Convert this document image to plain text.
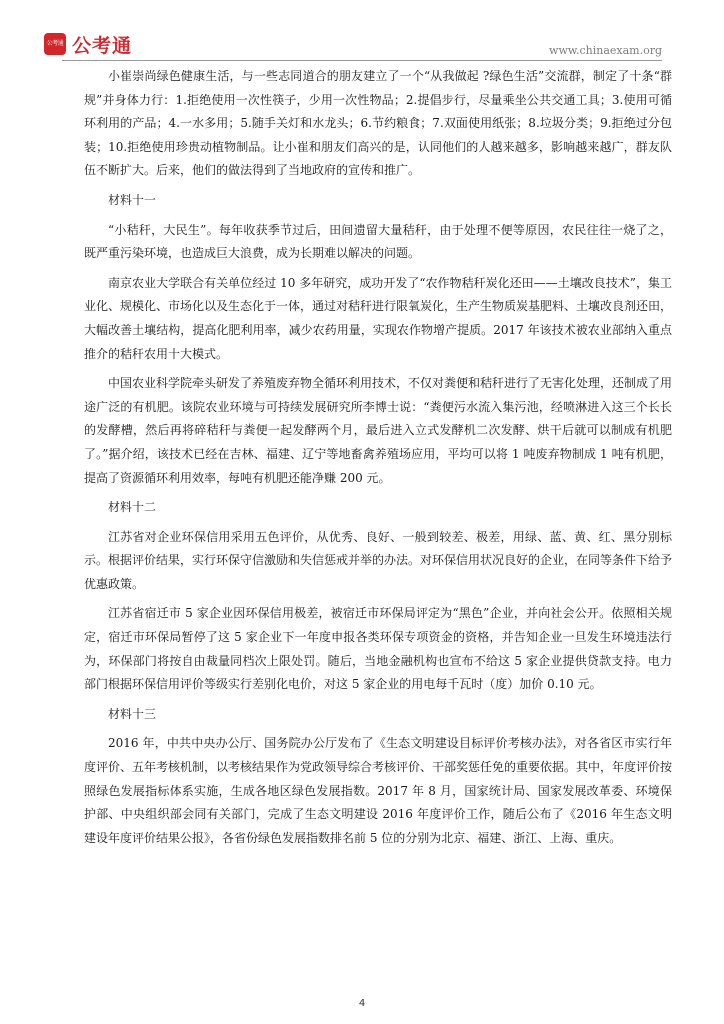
公考通 公考通	www.chinaexam.org

小崔崇尚绿色健康生活，与一些志同道合的朋友建立了一个“从我做起 ?绿色生活”交流群，制定了十条“群规”并身体力行：1.拒绝使用一次性筷子，少用一次性物品；2.提倡步行，尽量乘坐公共交通工具；3.使用可循环利用的产品；4.一水多用；5.随手关灯和水龙头；6.节约粮食；7.双面使用纸张；8.垃圾分类；9.拒绝过分包装；10.拒绝使用珍贵动植物制品。让小崔和朋友们高兴的是，认同他们的人越来越多，影响越来越广，群友队伍不断扩大。后来，他们的做法得到了当地政府的宣传和推广。

材料十一

“小秸秆，大民生”。每年收获季节过后，田间遗留大量秸秆，由于处理不便等原因，农民往往一烧了之，既严重污染环境，也造成巨大浪费，成为长期难以解决的问题。

南京农业大学联合有关单位经过 10 多年研究，成功开发了“农作物秸秆炭化还田——土壤改良技术”，集工业化、规模化、市场化以及生态化于一体，通过对秸秆进行限氧炭化，生产生物质炭基肥料、土壤改良剂还田，大幅改善土壤结构，提高化肥利用率，减少农药用量，实现农作物增产提质。2017 年该技术被农业部纳入重点推介的秸秆农用十大模式。

中国农业科学院牵头研发了养殖废弃物全循环利用技术，不仅对粪便和秸秆进行了无害化处理，还制成了用途广泛的有机肥。该院农业环境与可持续发展研究所李博士说：“粪便污水流入集污池，经喷淋进入这三个长长的发酵槽，然后再将碎秸秆与粪便一起发酵两个月，最后进入立式发酵机二次发酵、烘干后就可以制成有机肥了。”据介绍，该技术已经在吉林、福建、辽宁等地畜禽养殖场应用，平均可以将 1 吨废弃物制成 1 吨有机肥，提高了资源循环利用效率，每吨有机肥还能净赚 200 元。

材料十二

江苏省对企业环保信用采用五色评价，从优秀、良好、一般到较差、极差，用绿、蓝、黄、红、黑分别标示。根据评价结果，实行环保守信激励和失信惩戒并举的办法。对环保信用状况良好的企业，在同等条件下给予优惠政策。

江苏省宿迁市 5 家企业因环保信用极差，被宿迁市环保局评定为“黑色”企业，并向社会公开。依照相关规定，宿迁市环保局暂停了这 5 家企业下一年度申报各类环保专项资金的资格，并告知企业一旦发生环境违法行为，环保部门将按自由裁量同档次上限处罚。随后，当地金融机构也宣布不给这 5 家企业提供贷款支持。电力部门根据环保信用评价等级实行差别化电价，对这 5 家企业的用电每千瓦时（度）加价 0.10 元。

材料十三

2016 年，中共中央办公厅、国务院办公厅发布了《生态文明建设目标评价考核办法》，对各省区市实行年度评价、五年考核机制，以考核结果作为党政领导综合考核评价、干部奖惩任免的重要依据。其中，年度评价按照绿色发展指标体系实施，生成各地区绿色发展指数。2017 年 8 月，国家统计局、国家发展改革委、环境保护部、中央组织部会同有关部门，完成了生态文明建设 2016 年度评价工作，随后公布了《2016 年生态文明建设年度评价结果公报》，各省份绿色发展指数排名前 5 位的分别为北京、福建、浙江、上海、重庆。

4
